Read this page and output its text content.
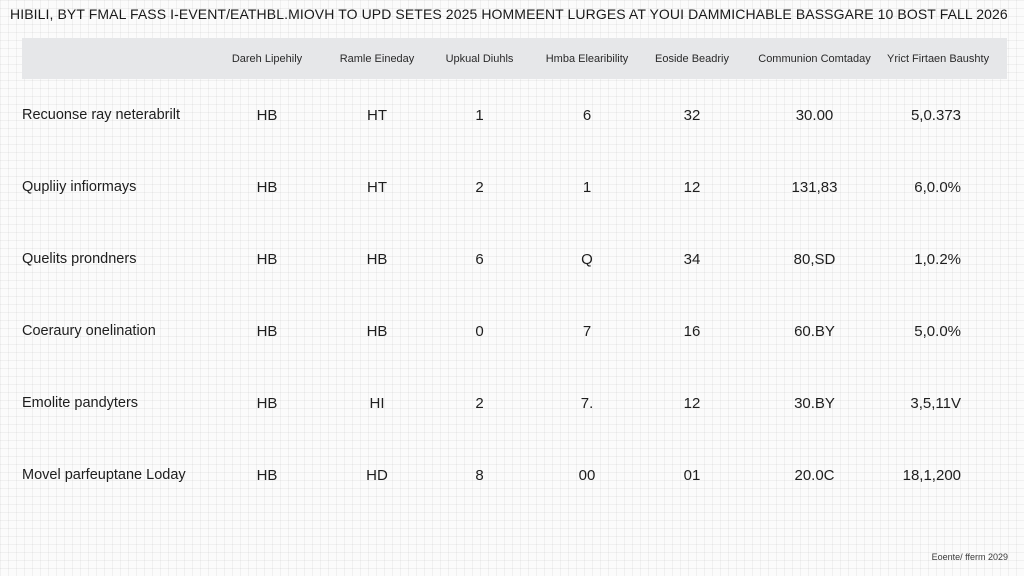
HIBILI, BYT FMAL FASS I-EVENT/EATHBL.MIOVH TO UPD SETES 2025 HOMMEENT LURGES AT YOUI DAMMICHABLE BASSGARE 10 BOST FALL 2026
	Dareh Lipehily	Ramle Eineday	Upkual Diuhls	Hmba Elearibility	Eoside Beadriy	Communion Comtaday	Yrict Firtaen Baushty
Recuonse ray neterabrilt	HB	HT	1	6	32	30.00	5,0.373
Qupliiy infiormays	HB	HT	2	1	12	131,83	6,0.0%
Quelits prondners	HB	HB	6	Q	34	80,SD	1,0.2%
Coeraury onelination	HB	HB	0	7	16	60.BY	5,0.0%
Emolite pandyters	HB	HI	2	7.	12	30.BY	3,5,11V
Movel parfeuptane Loday	HB	HD	8	00	01	20.0C	18,1,200
Eoente/ fferm 2029
